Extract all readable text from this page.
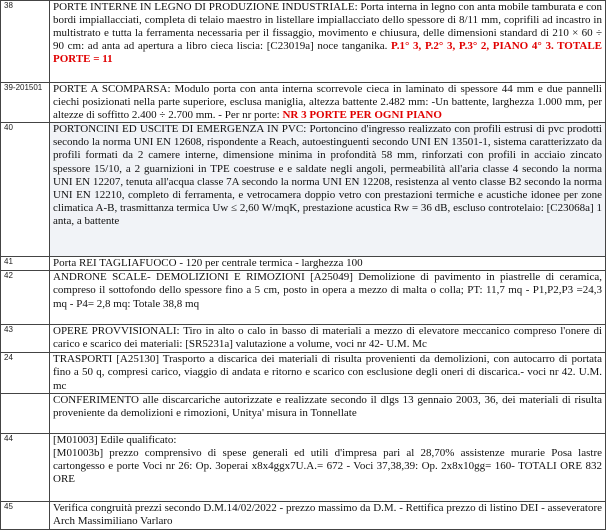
38	PORTE INTERNE IN LEGNO DI PRODUZIONE INDUSTRIALE: Porta interna in legno con anta mobile tamburata e con bordi impiallacciati, completa di telaio maestro in listellare impiallacciato dello spessore di 8/11 mm, coprifili ad incastro in multistrato e tutta la ferramenta necessaria per il fissaggio, movimento e chiusura, delle dimensioni standard di 210 × 60 ÷ 90 cm: ad anta ad apertura a libro cieca liscia: [C23019a] noce tanganika. P.1° 3, P.2° 3, P.3° 2, PIANO 4° 3. TOTALE PORTE = 11
39-201501	PORTE A SCOMPARSA: Modulo porta con anta interna scorrevole cieca in laminato di spessore 44 mm e due pannelli ciechi posizionati nella parte superiore, esclusa maniglia, altezza battente 2.482 mm: -Un battente, larghezza 1.000 mm, per altezze di soffitto 2.400 ÷ 2.700 mm. - Per nr porte: NR 3 PORTE PER OGNI PIANO
40	PORTONCINI ED USCITE DI EMERGENZA IN PVC: Portoncino d'ingresso realizzato con profili estrusi di pvc prodotti secondo la norma UNI EN 12608, rispondente a Reach, autoestinguenti secondo UNI EN 13501-1, sistema caratterizzato da profili formati da 2 camere interne, dimensione minima in profondità 58 mm, rinforzati con profili in acciaio zincato spessore 15/10, a 2 guarnizioni in TPE coestruse e e saldate negli angoli, permeabilità all'aria classe 4 secondo la norma UNI EN 12207, tenuta all'acqua classe 7A secondo la norma UNI EN 12208, resistenza al vento classe B2 secondo la norma UNI EN 12210, completo di ferramenta, e vetrocamera doppio vetro con prestazioni termiche e acustiche idonee per zone climatica A-B, trasmittanza termica Uw ≤ 2,60 W/mqK, prestazione acustica Rw = 36 dB, escluso controtelaio: [C23068a] 1 anta, a battente
41	Porta REI TAGLIAFUOCO - 120 per centrale termica - larghezza 100
42	ANDRONE SCALE- DEMOLIZIONI E RIMOZIONI [A25049] Demolizione di pavimento in piastrelle di ceramica, compreso il sottofondo dello spessore fino a 5 cm, posto in opera a mezzo di malta o colla; PT: 11,7 mq - P1,P2,P3 =24,3 mq - P4= 2,8 mq: Totale 38,8 mq
43	OPERE PROVVISIONALI: Tiro in alto o calo in basso di materiali a mezzo di elevatore meccanico compreso l'onere di carico e scarico dei materiali: [SR5231a] valutazione a volume, voci nr 42- U.M. Mc
24	TRASPORTI [A25130] Trasporto a discarica dei materiali di risulta provenienti da demolizioni, con autocarro di portata fino a 50 q, compresi carico, viaggio di andata e ritorno e scarico con esclusione degli oneri di discarica.- voci nr 42. U.M. mc
	CONFERIMENTO alle discarcariche autorizzate e realizzate secondo il dlgs 13 gennaio 2003, 36, dei materiali di risulta proveniente da demolizioni e rimozioni, Unitya' misura in Tonnellate
44	[M01003] Edile qualificato:
[M01003b] prezzo comprensivo di spese generali ed utili d'impresa pari al 28,70% assistenze murarie Posa lastre cartongesso e porte Voci nr 26: Op. 3operai x8x4ggx7U.A.= 672 - Voci 37,38,39: Op. 2x8x10gg= 160- TOTALI ORE 832 ORE
45	Verifica congruità prezzi secondo D.M.14/02/2022 - prezzo massimo da D.M. - Rettifica prezzo di listino DEI - asseveratore Arch Massimiliano Varlaro
